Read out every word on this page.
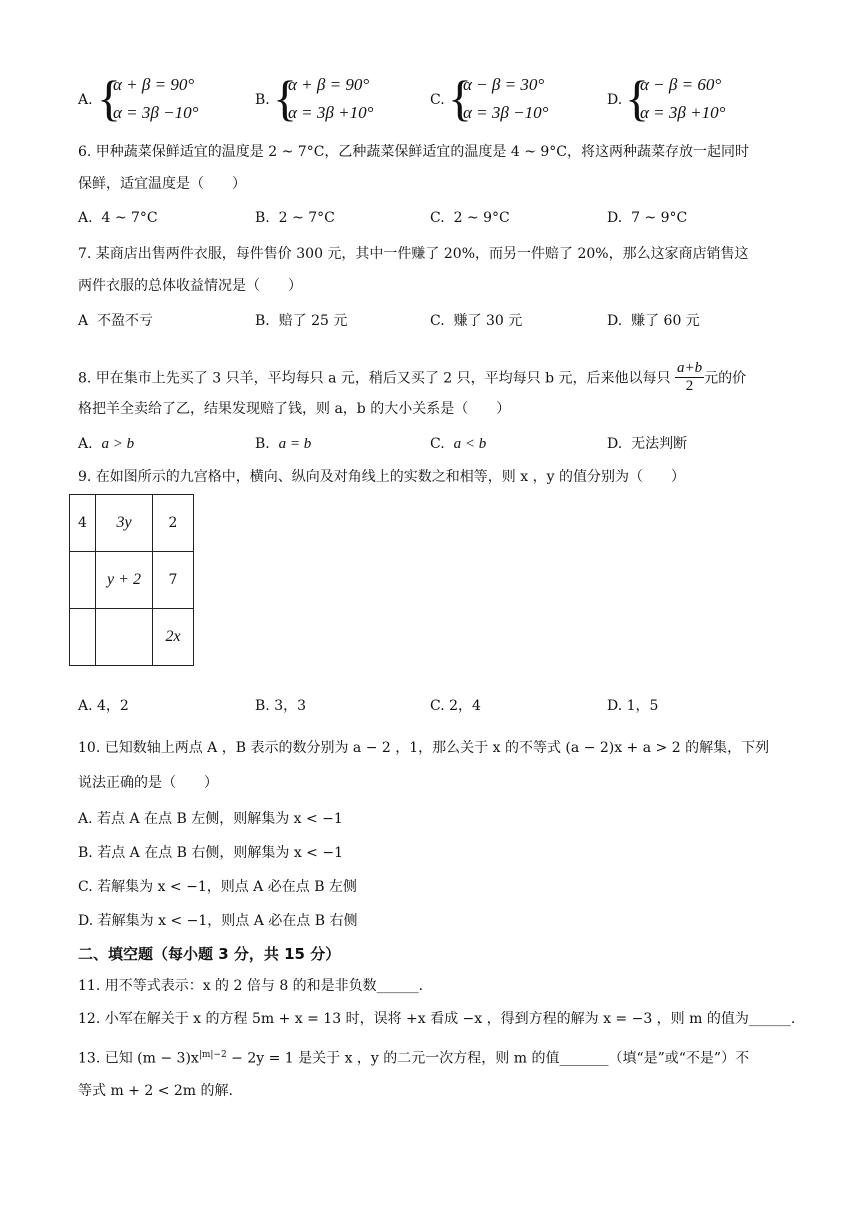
A. {
α + β = 90°
α = 3β −10°
B. {
α + β = 90°
α = 3β +10°
C. {
α − β = 30°
α = 3β −10°
D. {
α − β = 60°
α = 3β +10°
6. 甲种蔬菜保鲜适宜的温度是 2 ~ 7°C，乙种蔬菜保鲜适宜的温度是 4 ~ 9°C，将这两种蔬菜存放一起同时
保鲜，适宜温度是（　　）
A. 4 ~ 7°C	B. 2 ~ 7°C	C. 2 ~ 9°C	D. 7 ~ 9°C
7. 某商店出售两件衣服，每件售价 300 元，其中一件赚了 20%，而另一件赔了 20%，那么这家商店销售这
两件衣服的总体收益情况是（　　）
A 不盈不亏	B. 赔了 25 元	C. 赚了 30 元	D. 赚了 60 元
8. 甲在集市上先买了 3 只羊，平均每只 a 元，稍后又买了 2 只，平均每只 b 元，后来他以每只 $\frac{a+b}{2}$ 元的价
格把羊全卖给了乙，结果发现赔了钱，则 a，b 的大小关系是（　　）
A. a > b	B. a = b	C. a < b	D. 无法判断
9. 在如图所示的九宫格中，横向、纵向及对角线上的实数之和相等，则 x ，y 的值分别为（　　）
4	3y	2
	y + 2	7
		2x
A. 4，2	B. 3，3	C. 2，4	D. 1，5
10. 已知数轴上两点 A ，B 表示的数分别为 a − 2 ，1，那么关于 x 的不等式 (a − 2)x + a > 2 的解集，下列
说法正确的是（　　）
A. 若点 A 在点 B 左侧，则解集为 x < −1
B. 若点 A 在点 B 右侧，则解集为 x < −1
C. 若解集为 x < −1，则点 A 必在点 B 左侧
D. 若解集为 x < −1，则点 A 必在点 B 右侧
二、填空题（每小题 3 分，共 15 分）
11. 用不等式表示：x 的 2 倍与 8 的和是非负数______.
12. 小军在解关于 x 的方程 5m + x = 13 时，误将 +x 看成 −x ，得到方程的解为 x = −3 ，则 m 的值为______.
13. 已知 $(m - 3)x^{|m|-2} - 2y = 1$ 是关于 x ，y 的二元一次方程，则 m 的值_______（填“是”或“不是”）不
等式 m + 2 < 2m 的解.
